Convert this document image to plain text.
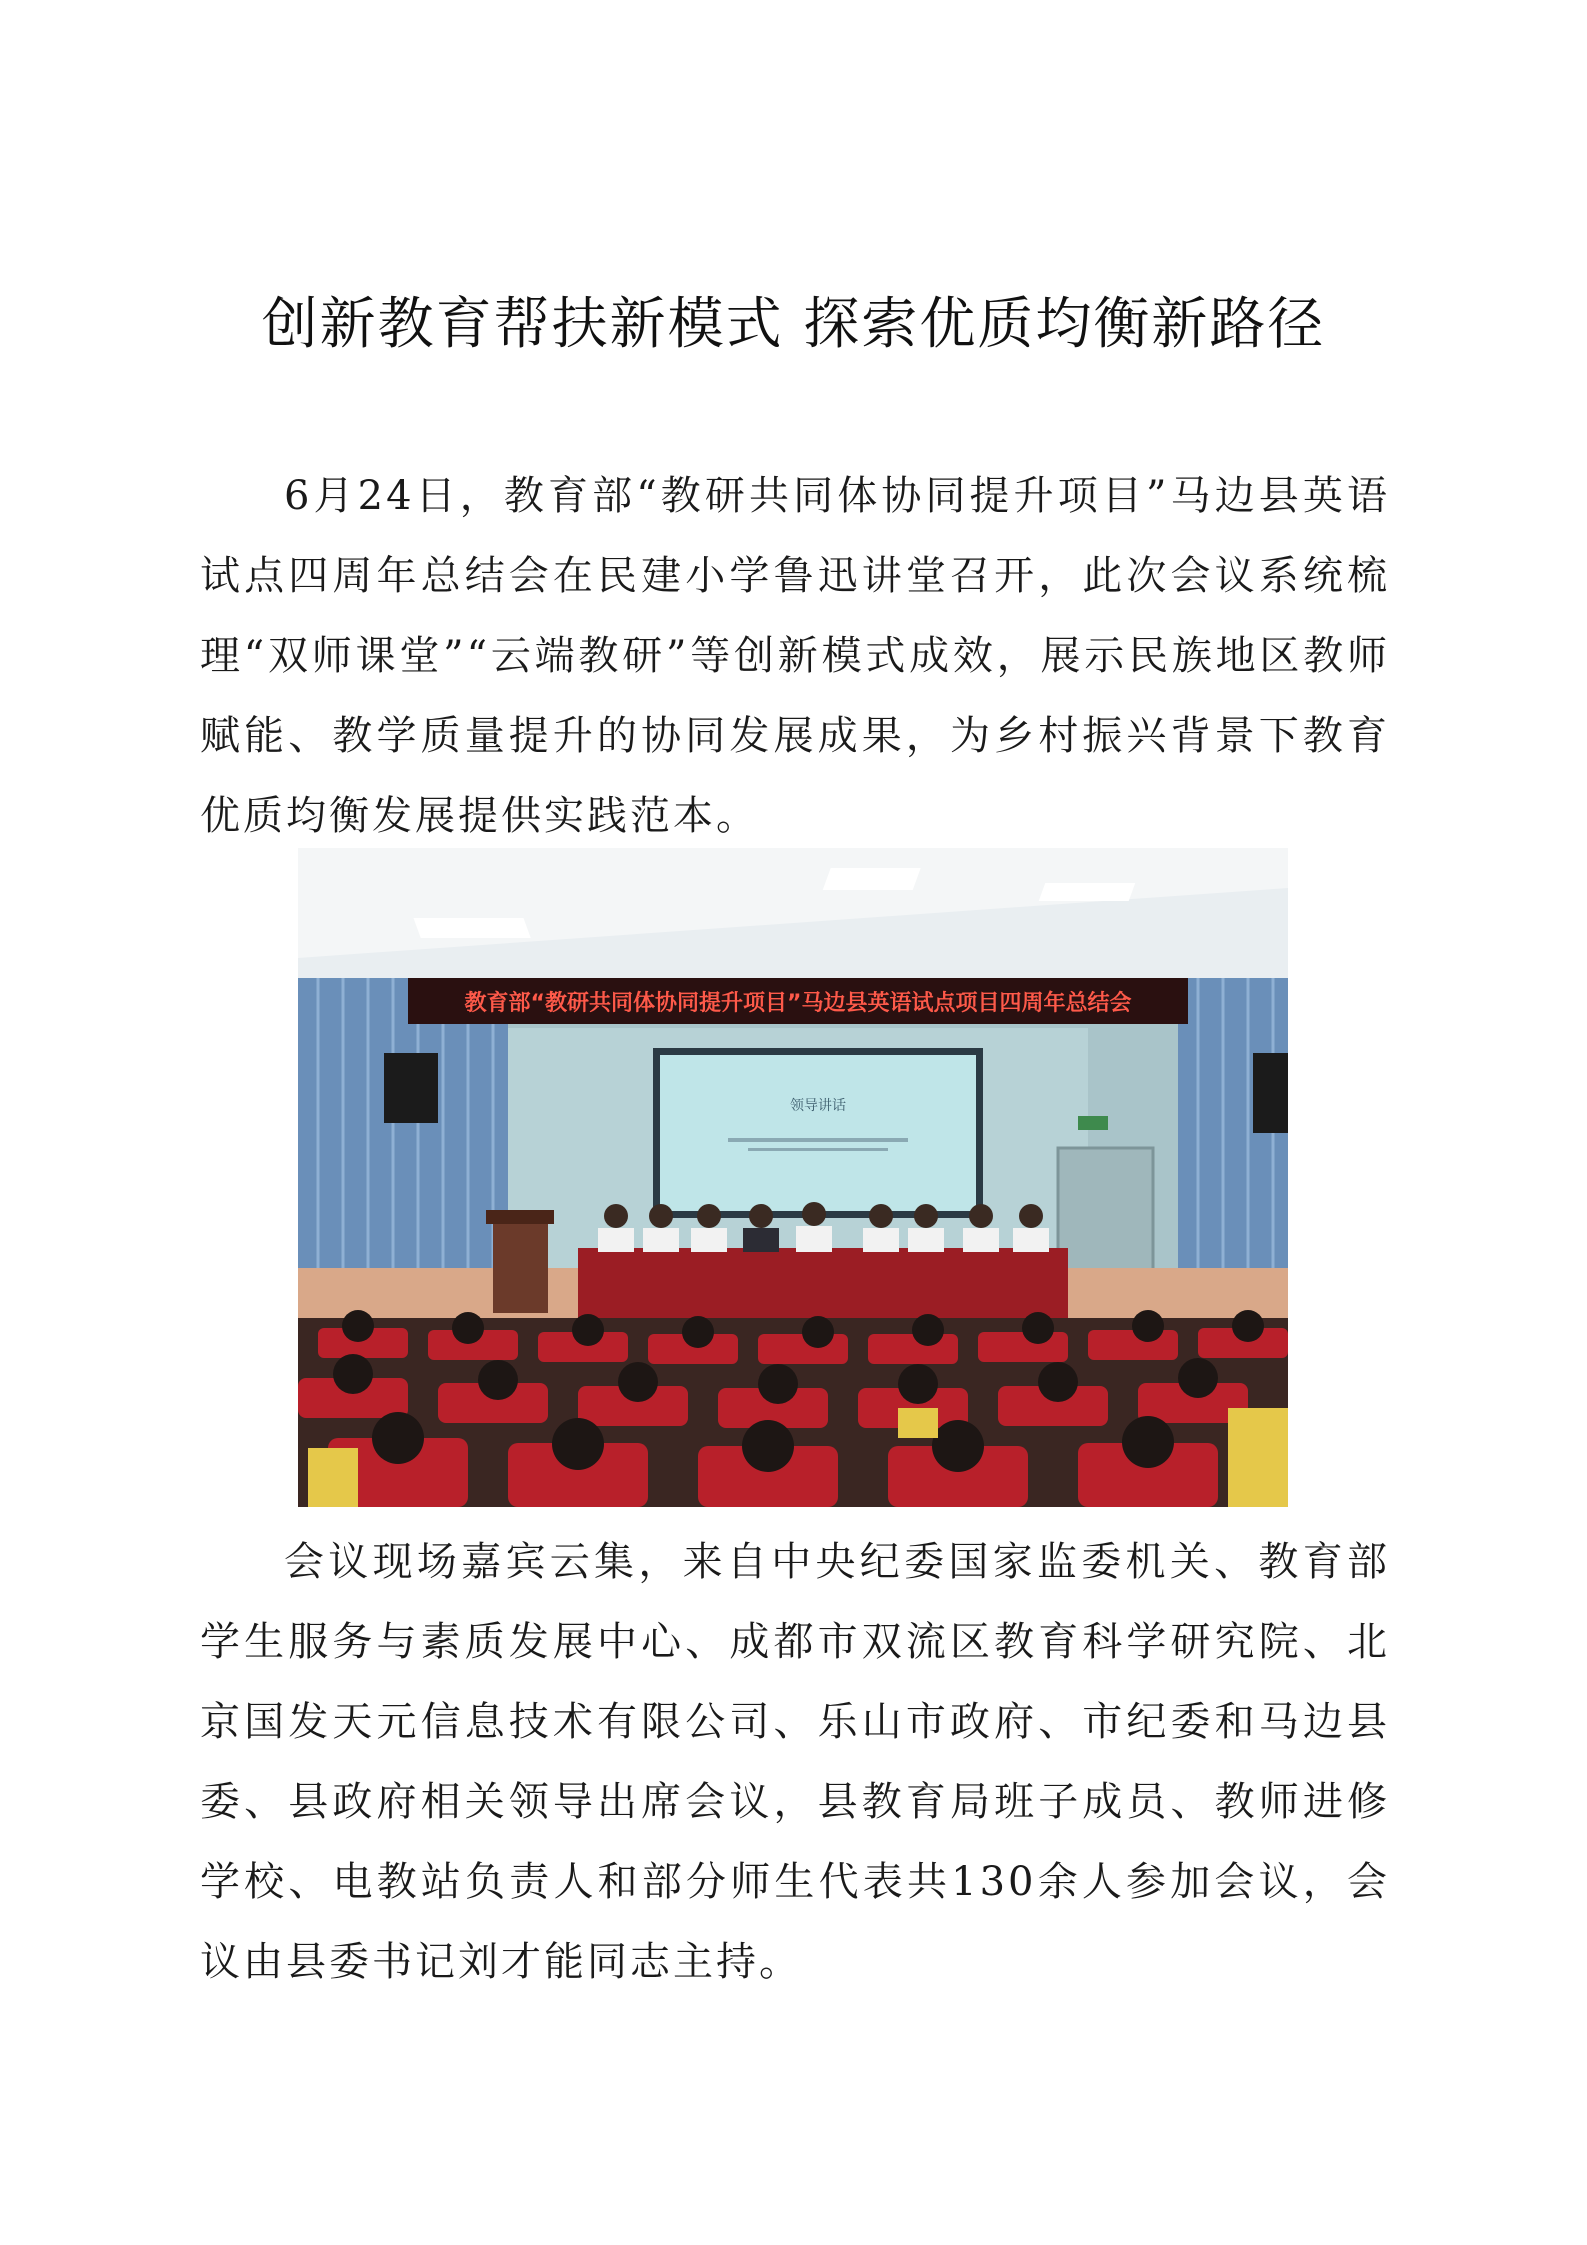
创新教育帮扶新模式 探索优质均衡新路径

6月24日，教育部“教研共同体协同提升项目”马边县英语试点四周年总结会在民建小学鲁迅讲堂召开，此次会议系统梳理“双师课堂”“云端教研”等创新模式成效，展示民族地区教师赋能、教学质量提升的协同发展成果，为乡村振兴背景下教育优质均衡发展提供实践范本。

教育部“教研共同体协同提升项目”马边县英语试点项目四周年总结会
领导讲话

会议现场嘉宾云集，来自中央纪委国家监委机关、教育部学生服务与素质发展中心、成都市双流区教育科学研究院、北京国发天元信息技术有限公司、乐山市政府、市纪委和马边县委、县政府相关领导出席会议，县教育局班子成员、教师进修学校、电教站负责人和部分师生代表共130余人参加会议，会议由县委书记刘才能同志主持。
